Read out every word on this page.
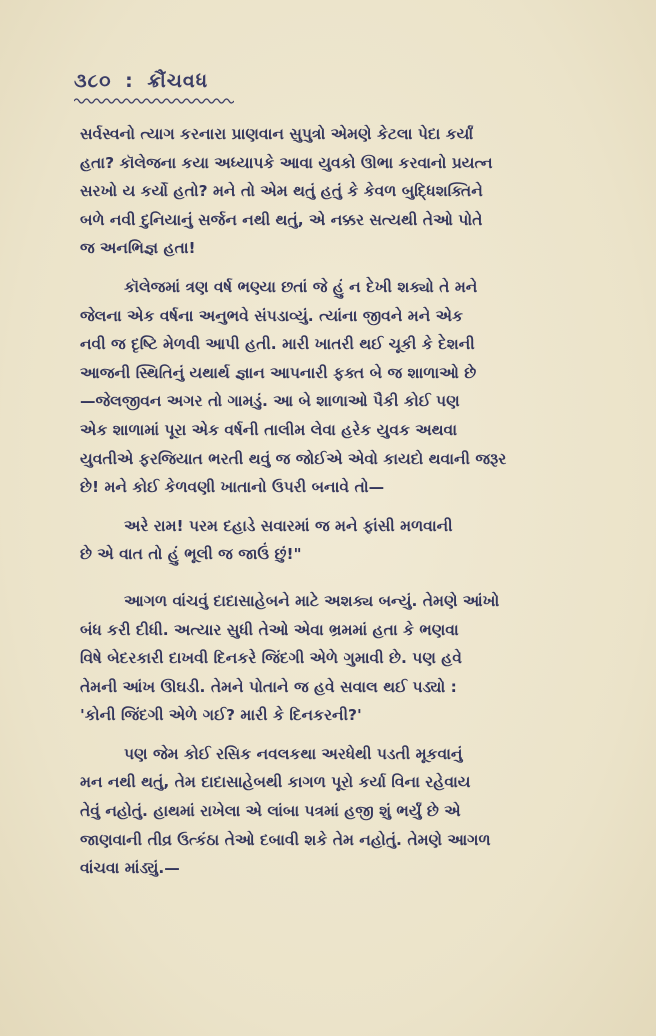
૩૮૦ : ક્રૌંચવધ
સર્વસ્વનો ત્યાગ કરનારા પ્રાણવાન સુપુત્રો એમણે કેટલા પેદા કર્યાં
હતા? કૉલેજના કયા અધ્યાપકે આવા યુવકો ઊભા કરવાનો પ્રયત્ન
સરખો ય કર્યો હતો? મને તો એમ થતું હતું કે કેવળ બુદ્ધિશક્તિને
બળે નવી દુનિયાનું સર્જન નથી થતું, એ નક્કર સત્યથી તેઓ પોતે
જ અનભિજ્ઞ હતા!
કૉલેજમાં ત્રણ વર્ષ ભણ્યા છતાં જે હું ન દેખી શક્યો તે મને
જેલના એક વર્ષના અનુભવે સંપડાવ્યું. ત્યાંના જીવને મને એક
નવી જ દૃષ્ટિ મેળવી આપી હતી. મારી ખાતરી થઈ ચૂકી કે દેશની
આજની સ્થિતિનું યથાર્થ જ્ઞાન આપનારી ફક્ત બે જ શાળાઓ છે
—જેલજીવન અગર તો ગામડું. આ બે શાળાઓ પૈકી કોઈ પણ
એક શાળામાં પૂરા એક વર્ષની તાલીમ લેવા હરેક યુવક અથવા
યુવતીએ ફરજિયાત ભરતી થવું જ જોઈએ એવો કાયદો થવાની જરૂર
છે! મને કોઈ કેળવણી ખાતાનો ઉપરી બનાવે તો—
અરે રામ! પરમ દહાડે સવારમાં જ મને ફાંસી મળવાની
છે એ વાત તો હું ભૂલી જ જાઉં છું!"
આગળ વાંચવું દાદાસાહેબને માટે અશક્ય બન્યું. તેમણે આંખો
બંધ કરી દીધી. અત્યાર સુધી તેઓ એવા ભ્રમમાં હતા કે ભણવા
વિષે બેદરકારી દાખવી દિનકરે જિંદગી એળે ગુમાવી છે. પણ હવે
તેમની આંખ ઊઘડી. તેમને પોતાને જ હવે સવાલ થઈ પડ્યો :
'કોની જિંદગી એળે ગઈ? મારી કે દિનકરની?'
પણ જેમ કોઈ રસિક નવલકથા અરધેથી પડતી મૂકવાનું
મન નથી થતું, તેમ દાદાસાહેબથી કાગળ પૂરો કર્યા વિના રહેવાય
તેવું નહોતું. હાથમાં રાખેલા એ લાંબા પત્રમાં હજી શું ભર્યું છે એ
જાણવાની તીવ્ર ઉત્કંઠા તેઓ દબાવી શકે તેમ નહોતું. તેમણે આગળ
વાંચવા માંડ્યું.—
